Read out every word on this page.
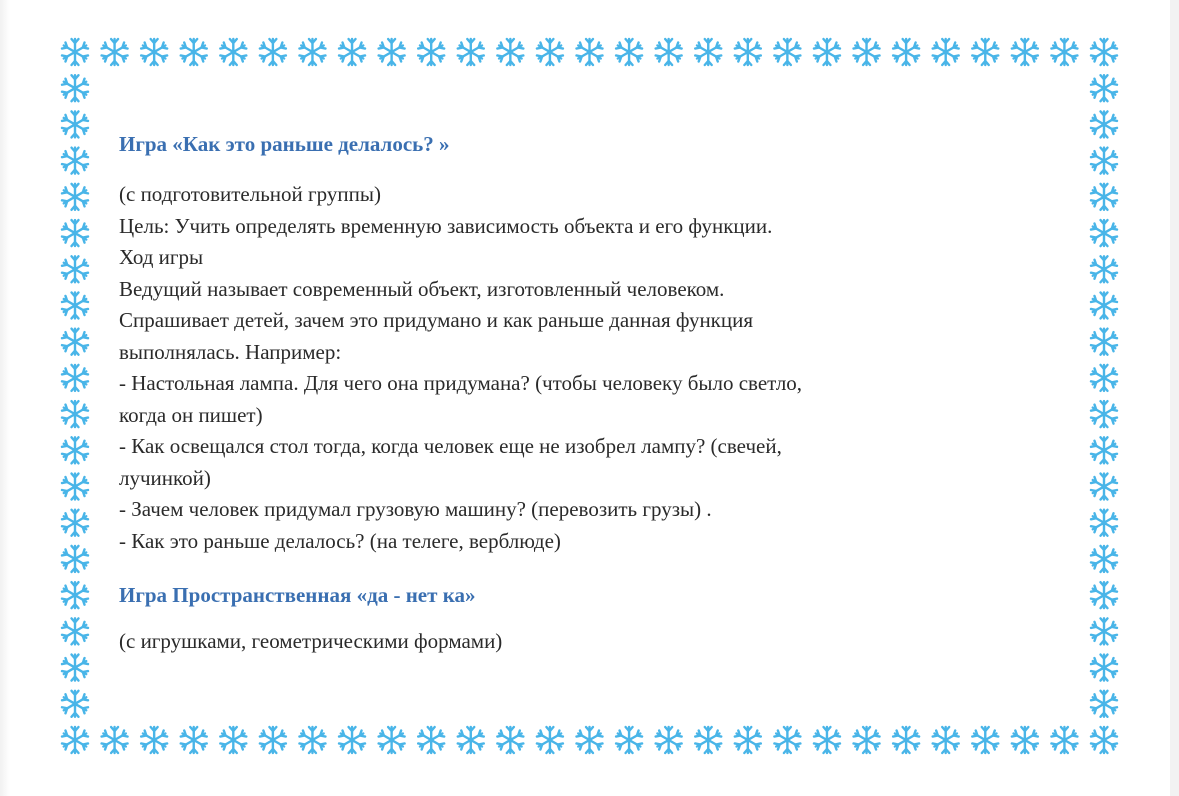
Игра «Как это раньше делалось? »

(с подготовительной группы)

Цель: Учить определять временную зависимость объекта и его функции.

Ход игры

Ведущий называет современный объект, изготовленный человеком.

Спрашивает детей, зачем это придумано и как раньше данная функция

выполнялась. Например:

- Настольная лампа. Для чего она придумана? (чтобы человеку было светло,

когда он пишет)

- Как освещался стол тогда, когда человек еще не изобрел лампу? (свечей,

лучинкой)

- Зачем человек придумал грузовую машину? (перевозить грузы) .

- Как это раньше делалось? (на телеге, верблюде)

Игра Пространственная «да - нет ка»

(с игрушками, геометрическими формами)
